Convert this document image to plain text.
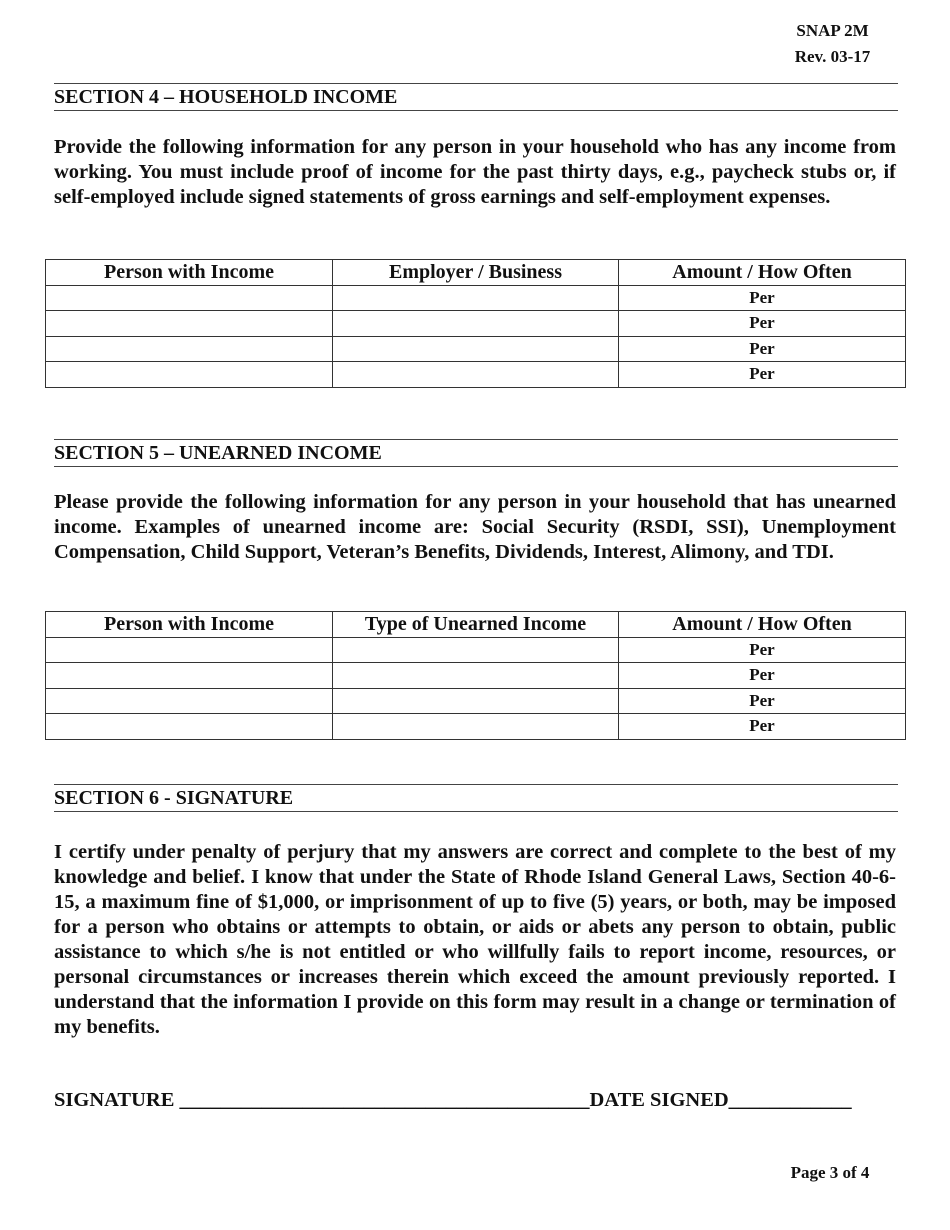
SNAP 2M
Rev. 03-17
SECTION 4 – HOUSEHOLD INCOME
Provide the following information for any person in your household who has any income from working. You must include proof of income for the past thirty days, e.g., paycheck stubs or, if self-employed include signed statements of gross earnings and self-employment expenses.
Person with Income	Employer / Business	Amount / How Often
		Per
		Per
		Per
		Per
SECTION 5 – UNEARNED INCOME
Please provide the following information for any person in your household that has unearned income. Examples of unearned income are: Social Security (RSDI, SSI), Unemployment Compensation, Child Support, Veteran’s Benefits, Dividends, Interest, Alimony, and TDI.
Person with Income	Type of Unearned Income	Amount / How Often
		Per
		Per
		Per
		Per
SECTION 6 - SIGNATURE
I certify under penalty of perjury that my answers are correct and complete to the best of my knowledge and belief. I know that under the State of Rhode Island General Laws, Section 40-6-15, a maximum fine of $1,000, or imprisonment of up to five (5) years, or both, may be imposed for a person who obtains or attempts to obtain, or aids or abets any person to obtain, public assistance to which s/he is not entitled or who willfully fails to report income, resources, or personal circumstances or increases therein which exceed the amount previously reported. I understand that the information I provide on this form may result in a change or termination of my benefits.
SIGNATURE ________________________________________DATE SIGNED____________
Page 3 of 4
